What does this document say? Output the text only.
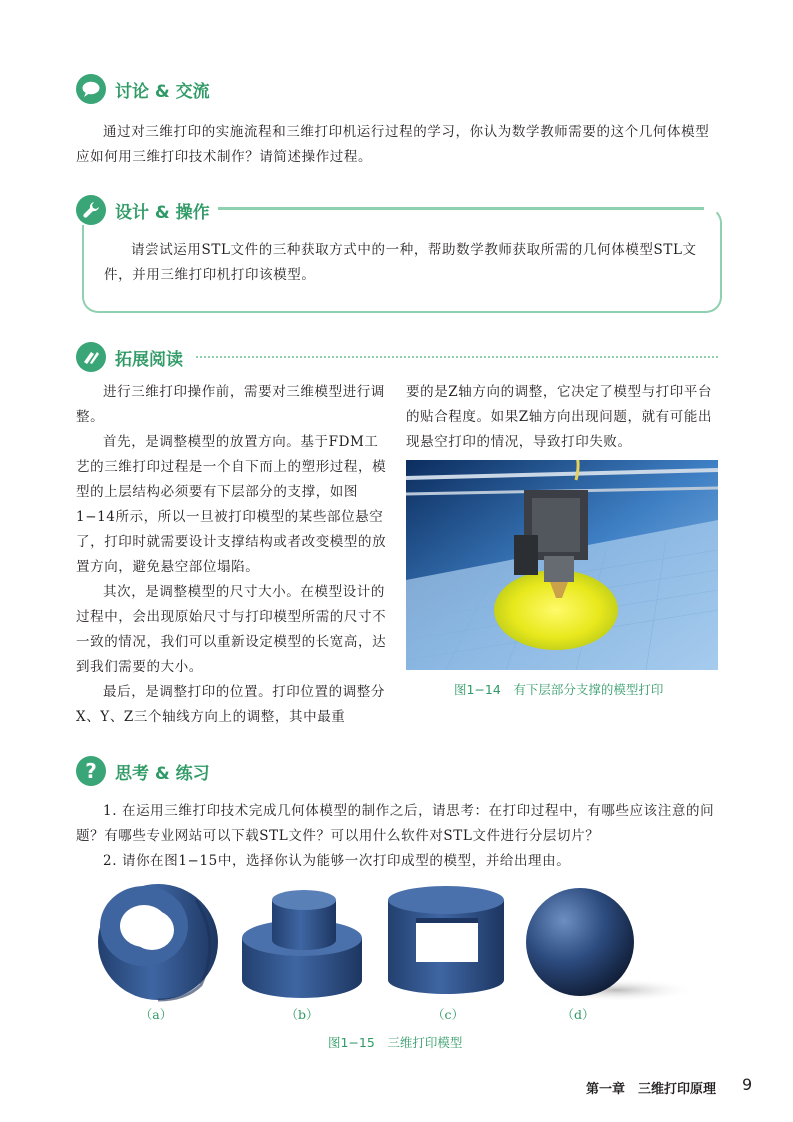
讨论 & 交流
通过对三维打印的实施流程和三维打印机运行过程的学习，你认为数学教师需要的这个几何体模型应如何用三维打印技术制作？请简述操作过程。
设计 & 操作
请尝试运用STL文件的三种获取方式中的一种，帮助数学教师获取所需的几何体模型STL文件，并用三维打印机打印该模型。
拓展阅读
进行三维打印操作前，需要对三维模型进行调整。
首先，是调整模型的放置方向。基于FDM工艺的三维打印过程是一个自下而上的塑形过程，模型的上层结构必须要有下层部分的支撑，如图1−14所示，所以一旦被打印模型的某些部位悬空了，打印时就需要设计支撑结构或者改变模型的放置方向，避免悬空部位塌陷。
其次，是调整模型的尺寸大小。在模型设计的过程中，会出现原始尺寸与打印模型所需的尺寸不一致的情况，我们可以重新设定模型的长宽高，达到我们需要的大小。
最后，是调整打印的位置。打印位置的调整分X、Y、Z三个轴线方向上的调整，其中最重
要的是Z轴方向的调整，它决定了模型与打印平台的贴合程度。如果Z轴方向出现问题，就有可能出现悬空打印的情况，导致打印失败。
图1−14　有下层部分支撑的模型打印
? 思考 & 练习
1. 在运用三维打印技术完成几何体模型的制作之后，请思考：在打印过程中，有哪些应该注意的问题？有哪些专业网站可以下载STL文件？可以用什么软件对STL文件进行分层切片？
2. 请你在图1−15中，选择你认为能够一次打印成型的模型，并给出理由。
（a）	（b）	（c）	（d）
图1−15　三维打印模型
第一章　三维打印原理 9
